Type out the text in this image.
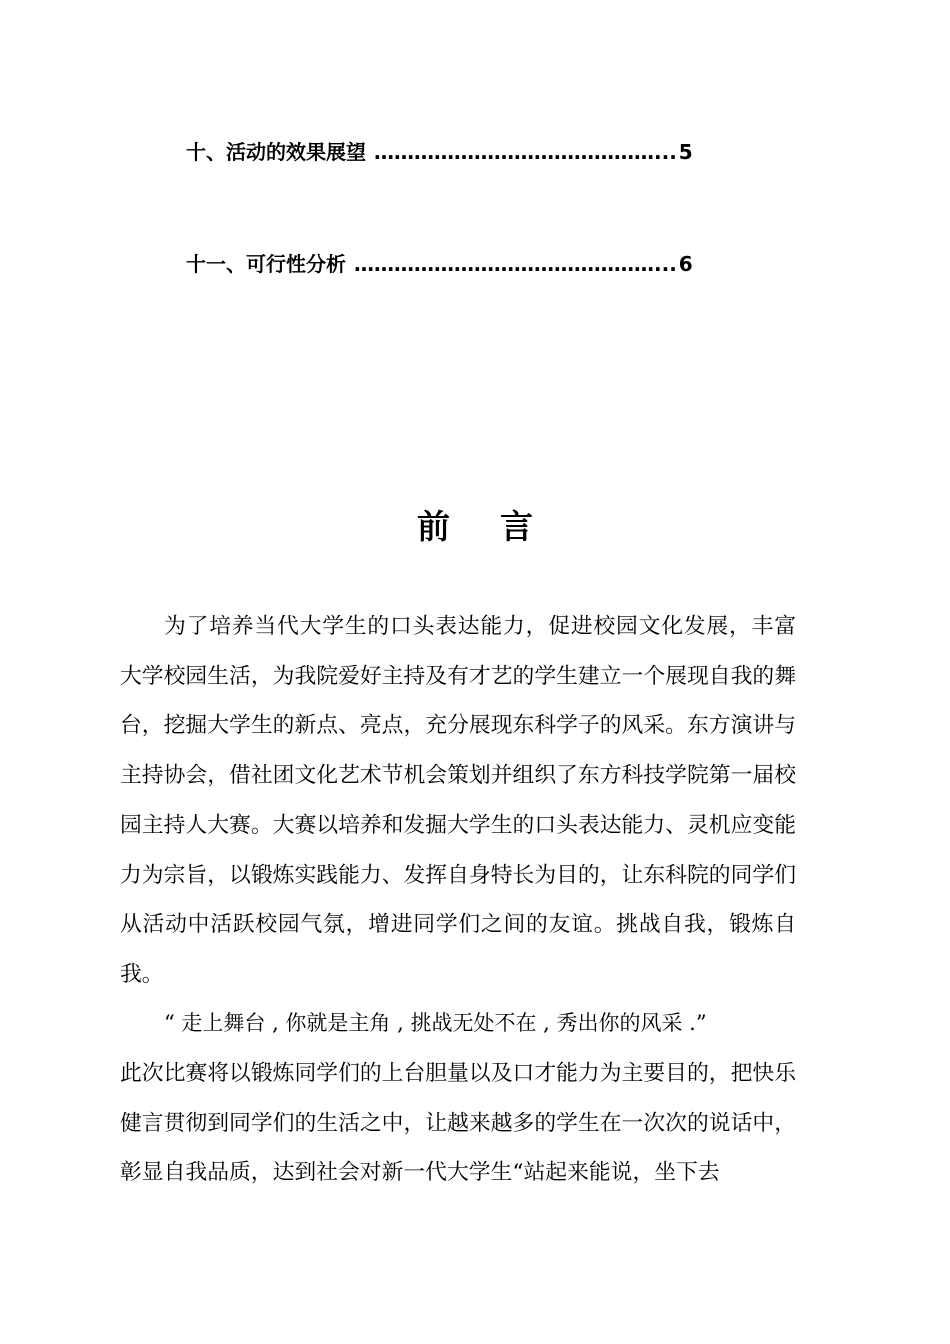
十、活动的效果展望 ……………………………………... 5
十一、可行性分析 ………………………………………... 6
前言
为了培养当代大学生的口头表达能力，促进校园文化发展，丰富大学校园生活，为我院爱好主持及有才艺的学生建立一个展现自我的舞台，挖掘大学生的新点、亮点，充分展现东科学子的风采。东方演讲与主持协会，借社团文化艺术节机会策划并组织了东方科技学院第一届校园主持人大赛。大赛以培养和发掘大学生的口头表达能力、灵机应变能力为宗旨，以锻炼实践能力、发挥自身特长为目的，让东科院的同学们从活动中活跃校园气氛，增进同学们之间的友谊。挑战自我，锻炼自我。
“ 走上舞台 , 你就是主角 , 挑战无处不在 , 秀出你的风采 .”
此次比赛将以锻炼同学们的上台胆量以及口才能力为主要目的，把快乐健言贯彻到同学们的生活之中，让越来越多的学生在一次次的说话中，彰显自我品质，达到社会对新一代大学生“站起来能说，坐下去
